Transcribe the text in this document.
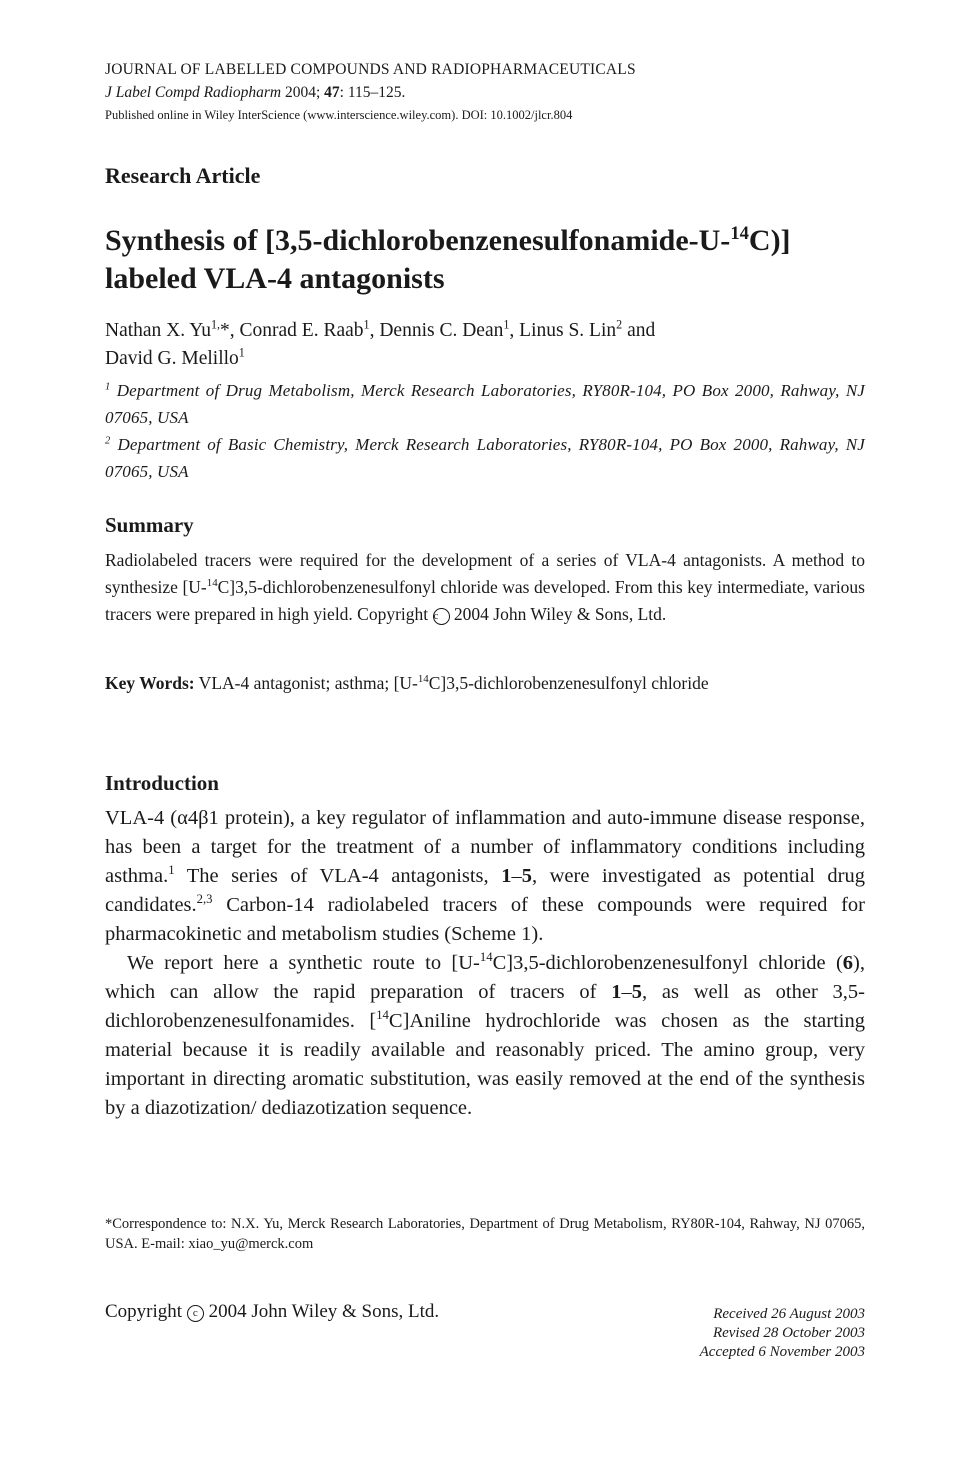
JOURNAL OF LABELLED COMPOUNDS AND RADIOPHARMACEUTICALS
J Label Compd Radiopharm 2004; 47: 115–125.
Published online in Wiley InterScience (www.interscience.wiley.com). DOI: 10.1002/jlcr.804
Research Article
Synthesis of [3,5-dichlorobenzenesulfonamide-U-$^{14}$C)]
labeled VLA-4 antagonists
Nathan X. $Yu^{1,}*$, Conrad E. Raab$^1$, Dennis C. Dean$^1$, Linus S. Lin$^2$ and
David G. Melillo$^1$
$^1$ Department of Drug Metabolism, Merck Research Laboratories, RY80R-104, PO Box 2000, Rahway, NJ 07065, USA
$^2$ Department of Basic Chemistry, Merck Research Laboratories, RY80R-104, PO Box 2000, Rahway, NJ 07065, USA
Summary
Radiolabeled tracers were required for the development of a series of VLA-4 antagonists. A method to synthesize [U-$^{14}$C]3,5-dichlorobenzenesulfonyl chloride was developed. From this key intermediate, various tracers were prepared in high yield. Copyright c 2004 John Wiley & Sons, Ltd.
Key Words: VLA-4 antagonist; asthma; [U-$^{14}$C]3,5-dichlorobenzenesulfonyl chloride
Introduction

VLA-4 (α4β1 protein), a key regulator of inflammation and auto-immune disease response, has been a target for the treatment of a number of inflammatory conditions including asthma.$^1$ The series of VLA-4 antagonists, 1–5, were investigated as potential drug candidates.$^{2,3}$ Carbon-14 radiolabeled tracers of these compounds were required for pharmacokinetic and metabolism studies (Scheme 1).

We report here a synthetic route to [U-$^{14}$C]3,5-dichlorobenzenesulfonyl chloride (6), which can allow the rapid preparation of tracers of 1–5, as well as other 3,5-dichlorobenzenesulfonamides. [$^{14}$C]Aniline hydrochloride was chosen as the starting material because it is readily available and reasonably priced. The amino group, very important in directing aromatic substitution, was easily removed at the end of the synthesis by a diazotization/ dediazotization sequence.

*Correspondence to: N.X. Yu, Merck Research Laboratories, Department of Drug Metabolism, RY80R-104, Rahway, NJ 07065, USA. E-mail: xiao_yu@merck.com
Copyright c 2004 John Wiley & Sons, Ltd.	Received 26 August 2003
Revised 28 October 2003
Accepted 6 November 2003
